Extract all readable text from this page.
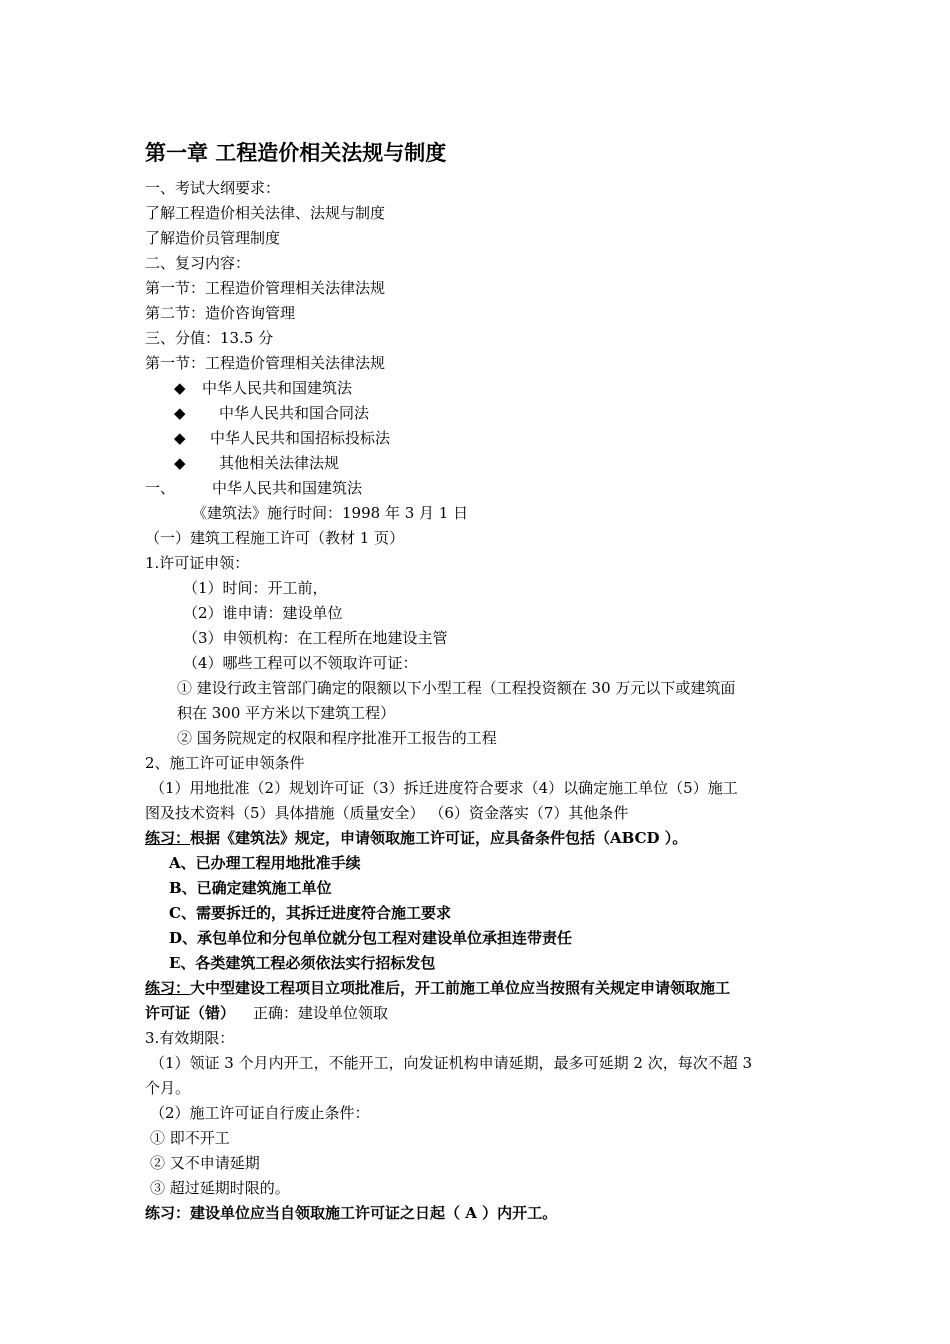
第一章 工程造价相关法规与制度
一、考试大纲要求：
了解工程造价相关法律、法规与制度
了解造价员管理制度
二、复习内容：
第一节：工程造价管理相关法律法规
第二节：造价咨询管理
三、分值：13.5 分
第一节：工程造价管理相关法律法规
◆ 中华人民共和国建筑法
◆ 中华人民共和国合同法
◆ 中华人民共和国招标投标法
◆ 其他相关法律法规
一、 中华人民共和国建筑法
《建筑法》施行时间：1998 年 3 月 1 日
（一）建筑工程施工许可（教材 1 页）
1.许可证申领：
（1）时间：开工前，
（2）谁申请：建设单位
（3）申领机构：在工程所在地建设主管
（4）哪些工程可以不领取许可证：
① 建设行政主管部门确定的限额以下小型工程（工程投资额在 30 万元以下或建筑面
积在 300 平方米以下建筑工程）
② 国务院规定的权限和程序批准开工报告的工程
2、施工许可证申领条件
（1）用地批准（2）规划许可证（3）拆迁进度符合要求（4）以确定施工单位（5）施工
图及技术资料（5）具体措施（质量安全） （6）资金落实（7）其他条件
练习：根据《建筑法》规定，申请领取施工许可证，应具备条件包括（ABCD ）。
A、已办理工程用地批准手续
B、已确定建筑施工单位
C、需要拆迁的，其拆迁进度符合施工要求
D、承包单位和分包单位就分包工程对建设单位承担连带责任
E、各类建筑工程必须依法实行招标发包
练习：大中型建设工程项目立项批准后，开工前施工单位应当按照有关规定申请领取施工
许可证（错） 正确：建设单位领取
3.有效期限：
（1）领证 3 个月内开工，不能开工，向发证机构申请延期，最多可延期 2 次，每次不超 3
个月。
（2）施工许可证自行废止条件：
① 即不开工
② 又不申请延期
③ 超过延期时限的。
练习：建设单位应当自领取施工许可证之日起（ A ）内开工。
